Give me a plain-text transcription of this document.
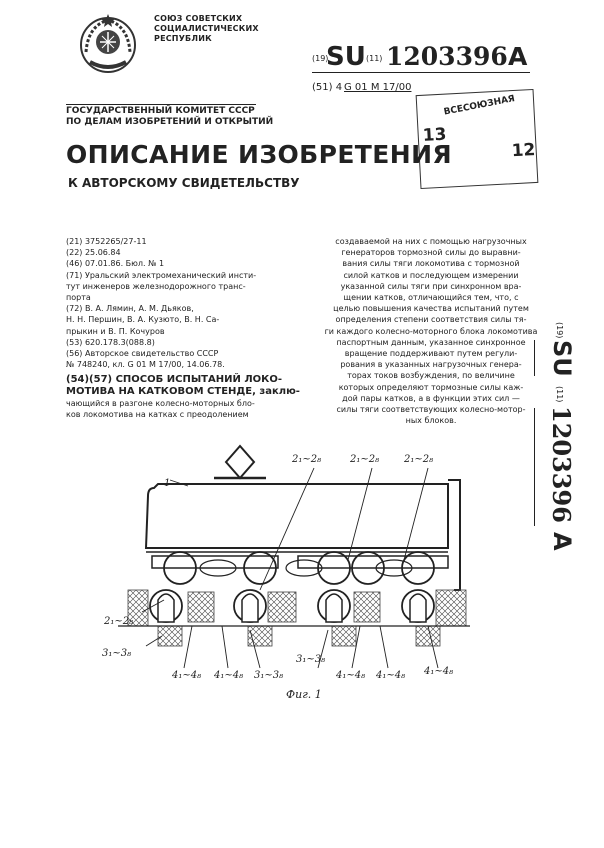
СОЮЗ СОВЕТСКИХ
СОЦИАЛИСТИЧЕСКИХ
РЕСПУБЛИК
(19)
SU (11) 1203396 A
(51) 4 G 01 M 17/00
ВСЕСОЮЗНАЯ
13
12
ГОСУДАРСТВЕННЫЙ КОМИТЕТ СССР
ПО ДЕЛАМ ИЗОБРЕТЕНИЙ И ОТКРЫТИЙ
ОПИСАНИЕ ИЗОБРЕТЕНИЯ
К АВТОРСКОМУ СВИДЕТЕЛЬСТВУ
(21) 3752265/27-11
(22) 25.06.84
(46) 07.01.86. Бюл. № 1
(71) Уральский электромеханический инсти-
тут инженеров железнодорожного транс-
порта
(72) В. А. Лямин, А. М. Дьяков,
Н. Н. Першин, В. А. Кузюто, В. Н. Са-
прыкин и В. П. Кочуров
(53) 620.178.3(088.8)
(56) Авторское свидетельство СССР
№ 748240, кл. G 01 M 17/00, 14.06.78.
(54)(57) СПОСОБ ИСПЫТАНИЙ ЛОКО-
МОТИВА НА КАТКОВОМ СТЕНДЕ, заклю-
чающийся в разгоне колесно-моторных бло-
ков локомотива на катках с преодолением
создаваемой на них с помощью нагрузочных
генераторов тормозной силы до выравни-
вания силы тяги локомотива с тормозной
силой катков и последующем измерении
указанной силы тяги при синхронном вра-
щении катков, отличающийся тем, что, с
целью повышения качества испытаний путем
определения степени соответствия силы тя-
ги каждого колесно-моторного блока локомотива
паспортным данным, указанное синхронное
вращение поддерживают путем регули-
рования в указанных нагрузочных генера-
торах токов возбуждения, по величине
которых определяют тормозные силы каж-
дой пары катков, а в функции этих сил —
силы тяги соответствующих колесно-мотор-
ных блоков.
(19)
SU
(11)
1203396
A
1
2₁~2₈	2₁~2₈ 2₁~2₈
2₁~2₈
3₁~3₈
4₁~4₈ 4₁~4₈ 3₁~3₈
3₁~3₈
4₁~4₈ 4₁~4₈ 4₁~4₈
Фиг. 1
